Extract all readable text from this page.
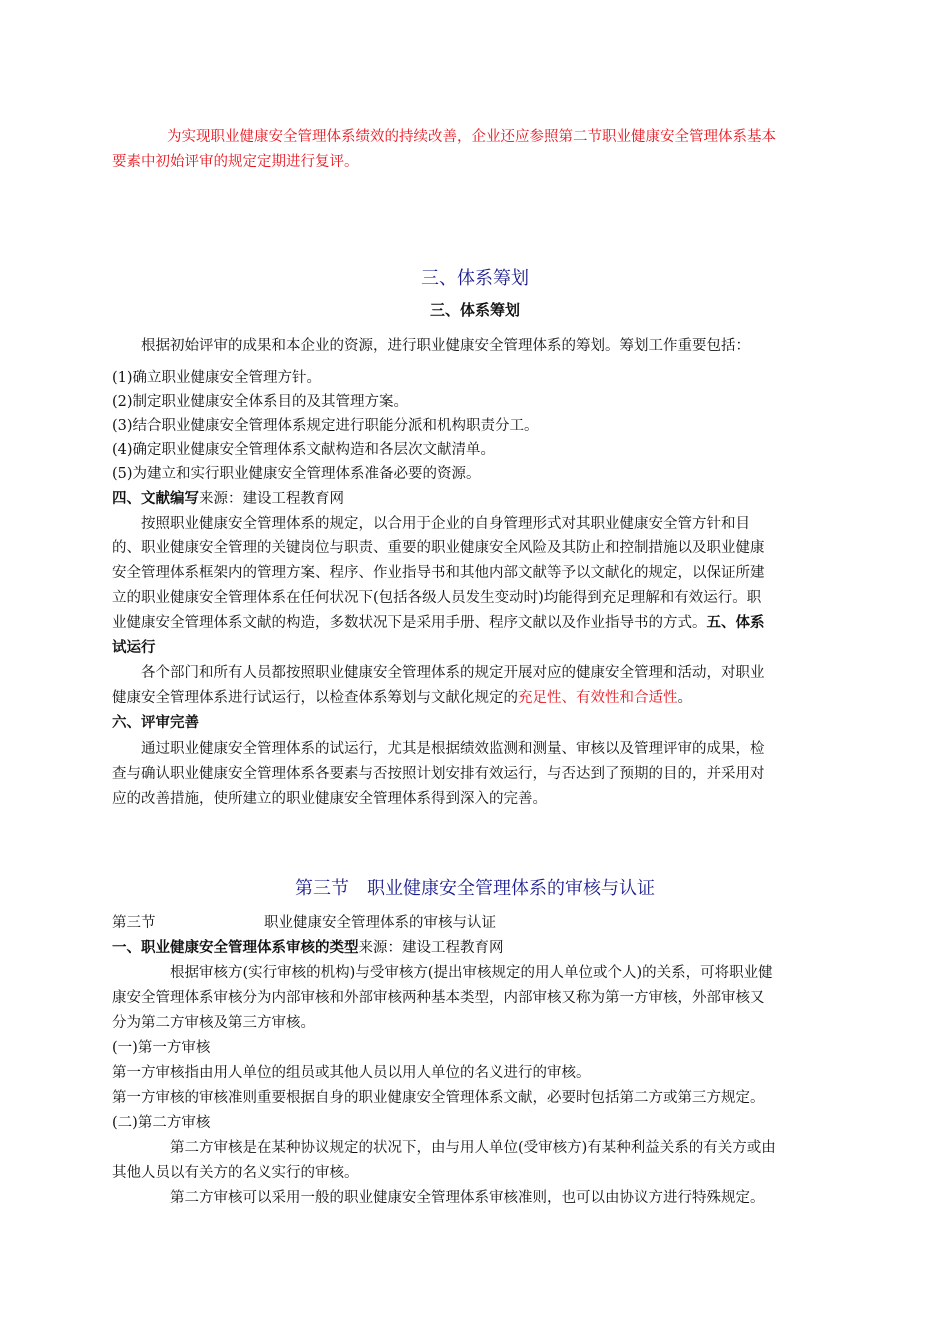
为实现职业健康安全管理体系绩效的持续改善，企业还应参照第二节职业健康安全管理体系基本
要素中初始评审的规定定期进行复评。
三、体系筹划
三、体系筹划
根据初始评审的成果和本企业的资源，进行职业健康安全管理体系的筹划。筹划工作重要包括：
(1)确立职业健康安全管理方针。
(2)制定职业健康安全体系目的及其管理方案。
(3)结合职业健康安全管理体系规定进行职能分派和机构职责分工。
(4)确定职业健康安全管理体系文献构造和各层次文献清单。
(5)为建立和实行职业健康安全管理体系准备必要的资源。
四、文献编写来源：建设工程教育网
按照职业健康安全管理体系的规定，以合用于企业的自身管理形式对其职业健康安全管方针和目
的、职业健康安全管理的关键岗位与职责、重要的职业健康安全风险及其防止和控制措施以及职业健康
安全管理体系框架内的管理方案、程序、作业指导书和其他内部文献等予以文献化的规定，以保证所建
立的职业健康安全管理体系在任何状况下(包括各级人员发生变动时)均能得到充足理解和有效运行。职
业健康安全管理体系文献的构造，多数状况下是采用手册、程序文献以及作业指导书的方式。五、体系
试运行
各个部门和所有人员都按照职业健康安全管理体系的规定开展对应的健康安全管理和活动，对职业
健康安全管理体系进行试运行，以检查体系筹划与文献化规定的充足性、有效性和合适性。
六、评审完善
通过职业健康安全管理体系的试运行，尤其是根据绩效监测和测量、审核以及管理评审的成果，检
查与确认职业健康安全管理体系各要素与否按照计划安排有效运行，与否达到了预期的目的，并采用对
应的改善措施，使所建立的职业健康安全管理体系得到深入的完善。
第三节　职业健康安全管理体系的审核与认证
第三节	职业健康安全管理体系的审核与认证
一、职业健康安全管理体系审核的类型来源：建设工程教育网
根据审核方(实行审核的机构)与受审核方(提出审核规定的用人单位或个人)的关系，可将职业健
康安全管理体系审核分为内部审核和外部审核两种基本类型，内部审核又称为第一方审核，外部审核又
分为第二方审核及第三方审核。
(一)第一方审核
第一方审核指由用人单位的组员或其他人员以用人单位的名义进行的审核。
第一方审核的审核准则重要根据自身的职业健康安全管理体系文献，必要时包括第二方或第三方规定。
(二)第二方审核
第二方审核是在某种协议规定的状况下，由与用人单位(受审核方)有某种利益关系的有关方或由
其他人员以有关方的名义实行的审核。
第二方审核可以采用一般的职业健康安全管理体系审核准则，也可以由协议方进行特殊规定。
